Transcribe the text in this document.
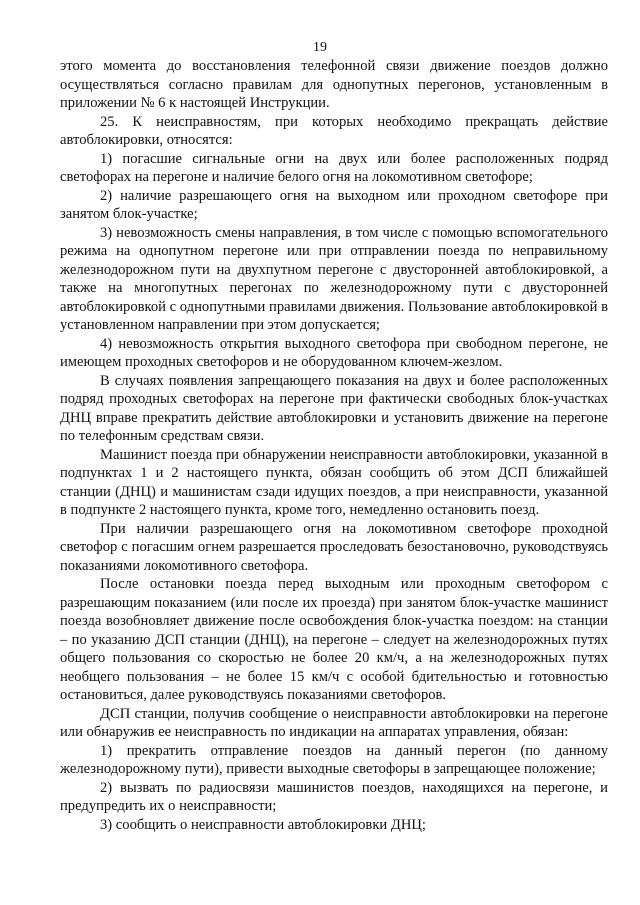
19

этого момента до восстановления телефонной связи движение поездов должно осуществляться согласно правилам для однопутных перегонов, установленным в приложении № 6 к настоящей Инструкции.

25. К неисправностям, при которых необходимо прекращать действие автоблокировки, относятся:

1) погасшие сигнальные огни на двух или более расположенных подряд светофорах на перегоне и наличие белого огня на локомотивном светофоре;

2) наличие разрешающего огня на выходном или проходном светофоре при занятом блок-участке;

3) невозможность смены направления, в том числе с помощью вспомогательного режима на однопутном перегоне или при отправлении поезда по неправильному железнодорожном пути на двухпутном перегоне с двусторонней автоблокировкой, а также на многопутных перегонах по железнодорожному пути с двусторонней автоблокировкой с однопутными правилами движения. Пользование автоблокировкой в установленном направлении при этом допускается;

4) невозможность открытия выходного светофора при свободном перегоне, не имеющем проходных светофоров и не оборудованном ключем-жезлом.

В случаях появления запрещающего показания на двух и более расположенных подряд проходных светофорах на перегоне при фактически свободных блок-участках ДНЦ вправе прекратить действие автоблокировки и установить движение на перегоне по телефонным средствам связи.

Машинист поезда при обнаружении неисправности автоблокировки, указанной в подпунктах 1 и 2 настоящего пункта, обязан сообщить об этом ДСП ближайшей станции (ДНЦ) и машинистам сзади идущих поездов, а при неисправности, указанной в подпункте 2 настоящего пункта, кроме того, немедленно остановить поезд.

При наличии разрешающего огня на локомотивном светофоре проходной светофор с погасшим огнем разрешается проследовать безостановочно, руководствуясь показаниями локомотивного светофора.

После остановки поезда перед выходным или проходным светофором с разрешающим показанием (или после их проезда) при занятом блок-участке машинист поезда возобновляет движение после освобождения блок-участка поездом: на станции – по указанию ДСП станции (ДНЦ), на перегоне – следует на железнодорожных путях общего пользования со скоростью не более 20 км/ч, а на железнодорожных путях необщего пользования – не более 15 км/ч с особой бдительностью и готовностью остановиться, далее руководствуясь показаниями светофоров.

ДСП станции, получив сообщение о неисправности автоблокировки на перегоне или обнаружив ее неисправность по индикации на аппаратах управления, обязан:

1) прекратить отправление поездов на данный перегон (по данному железнодорожному пути), привести выходные светофоры в запрещающее положение;

2) вызвать по радиосвязи машинистов поездов, находящихся на перегоне, и предупредить их о неисправности;

3) сообщить о неисправности автоблокировки ДНЦ;
